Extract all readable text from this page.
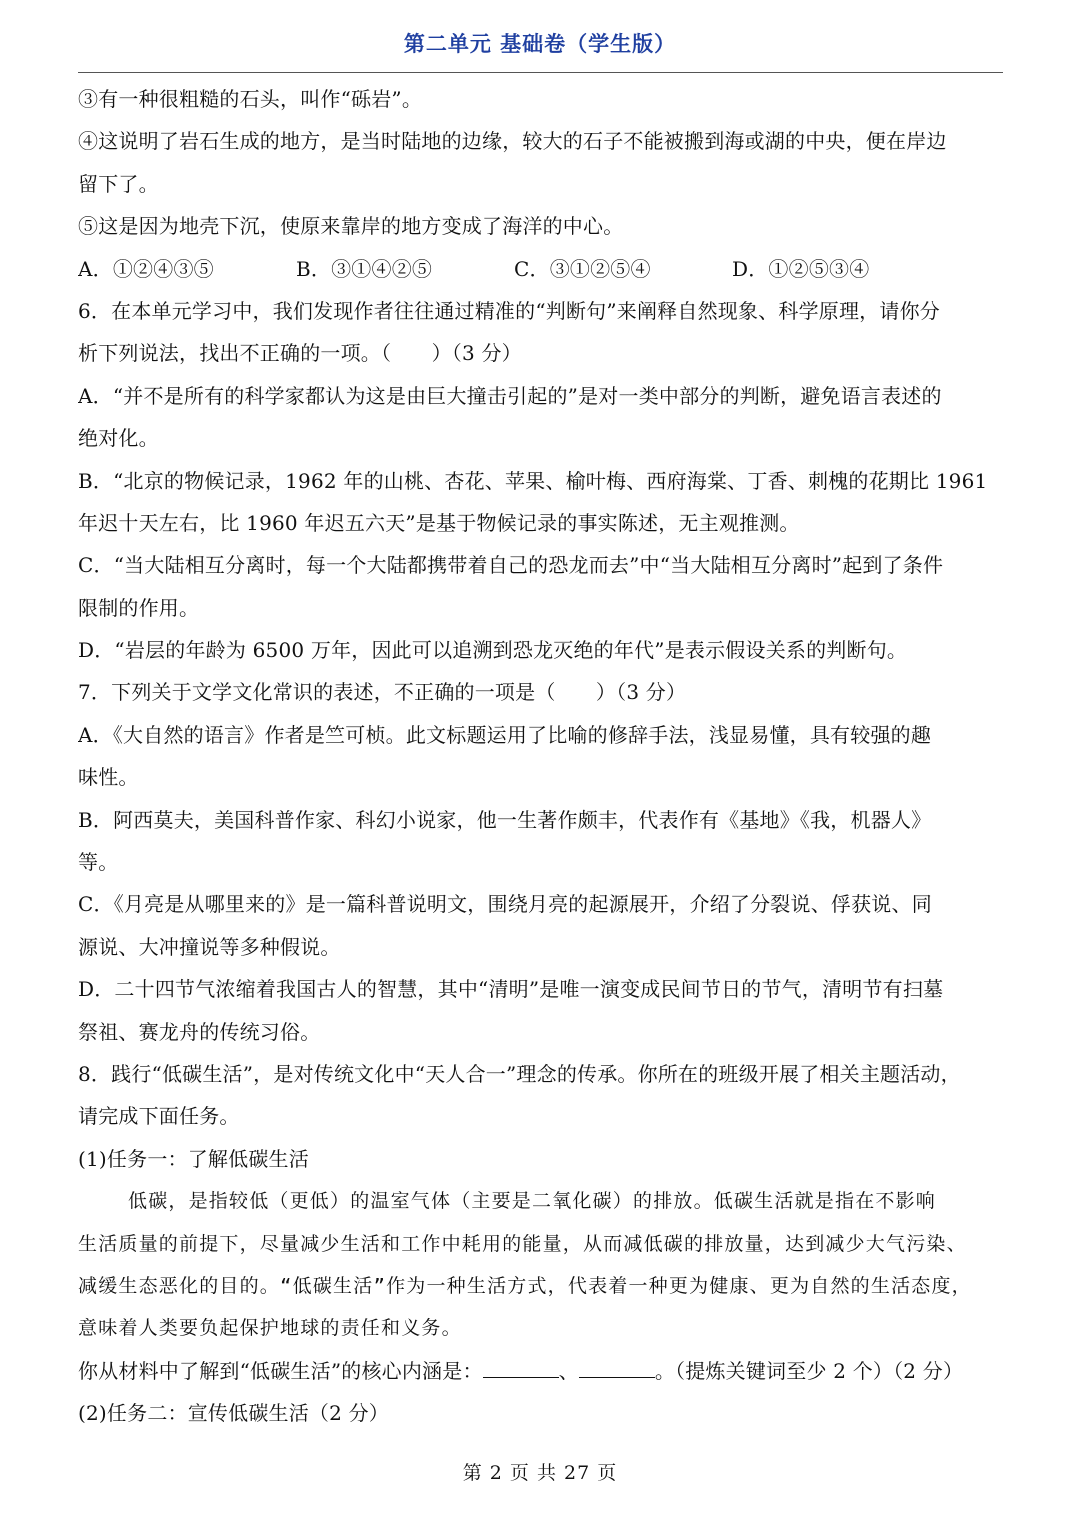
第二单元 基础卷（学生版）
③有一种很粗糙的石头，叫作“砾岩”。
④这说明了岩石生成的地方，是当时陆地的边缘，较大的石子不能被搬到海或湖的中央，便在岸边
留下了。
⑤这是因为地壳下沉，使原来靠岸的地方变成了海洋的中心。
A．①②④③⑤	B．③①④②⑤	C．③①②⑤④	D．①②⑤③④
6．在本单元学习中，我们发现作者往往通过精准的“判断句”来阐释自然现象、科学原理，请你分
析下列说法，找出不正确的一项。（　　）（3 分）
A．“并不是所有的科学家都认为这是由巨大撞击引起的”是对一类中部分的判断，避免语言表述的
绝对化。
B．“北京的物候记录，1962 年的山桃、杏花、苹果、榆叶梅、西府海棠、丁香、刺槐的花期比 1961
年迟十天左右，比 1960 年迟五六天”是基于物候记录的事实陈述，无主观推测。
C．“当大陆相互分离时，每一个大陆都携带着自己的恐龙而去”中“当大陆相互分离时”起到了条件
限制的作用。
D．“岩层的年龄为 6500 万年，因此可以追溯到恐龙灭绝的年代”是表示假设关系的判断句。
7．下列关于文学文化常识的表述，不正确的一项是（　　）（3 分）
A．《大自然的语言》作者是竺可桢。此文标题运用了比喻的修辞手法，浅显易懂，具有较强的趣
味性。
B．阿西莫夫，美国科普作家、科幻小说家，他一生著作颇丰，代表作有《基地》《我，机器人》
等。
C．《月亮是从哪里来的》是一篇科普说明文，围绕月亮的起源展开，介绍了分裂说、俘获说、同
源说、大冲撞说等多种假说。
D．二十四节气浓缩着我国古人的智慧，其中“清明”是唯一演变成民间节日的节气，清明节有扫墓
祭祖、赛龙舟的传统习俗。
8．践行“低碳生活”，是对传统文化中“天人合一”理念的传承。你所在的班级开展了相关主题活动，
请完成下面任务。
(1)任务一：了解低碳生活
低碳，是指较低（更低）的温室气体（主要是二氧化碳）的排放。低碳生活就是指在不影响
生活质量的前提下，尽量减少生活和工作中耗用的能量，从而减低碳的排放量，达到减少大气污染、
减缓生态恶化的目的。“低碳生活”作为一种生活方式，代表着一种更为健康、更为自然的生活态度，
意味着人类要负起保护地球的责任和义务。
你从材料中了解到“低碳生活”的核心内涵是：	、	。（提炼关键词至少 2 个）（2 分）
(2)任务二：宣传低碳生活（2 分）
第 2 页 共 27 页
